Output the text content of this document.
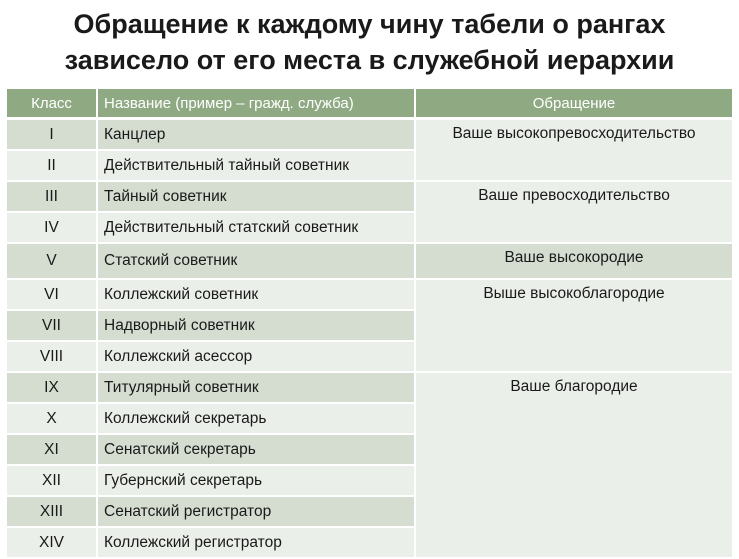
Обращение к каждому чину табели о рангах
зависело от его места в служебной иерархии
Класс	Название (пример – гражд. служба)	Обращение
I	Канцлер	Ваше высокопревосходительство
II	Действительный тайный советник	
III	Тайный советник	Ваше превосходительство
IV	Действительный статский советник	
V	Статский советник	Ваше высокородие
VI	Коллежский советник	Выше высокоблагородие
VII	Надворный советник	
VIII	Коллежский асессор	
IX	Титулярный советник	Ваше благородие
X	Коллежский секретарь	
XI	Сенатский секретарь	
XII	Губернский секретарь	
XIII	Сенатский регистратор	
XIV	Коллежский регистратор	
